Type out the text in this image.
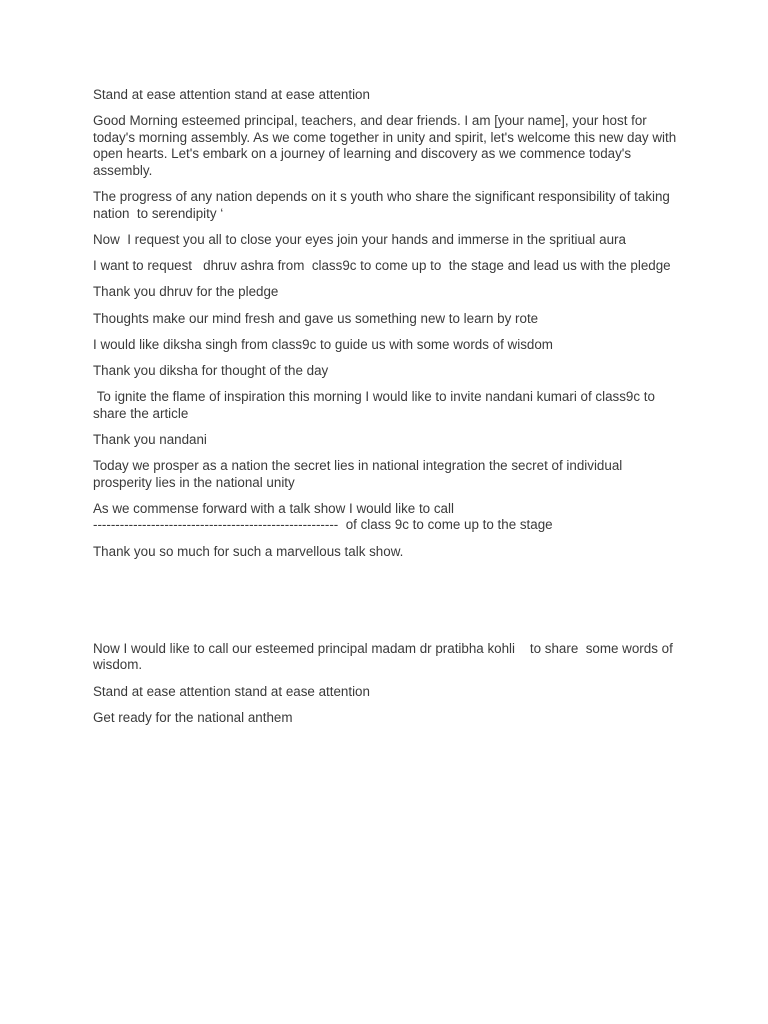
Stand at ease attention stand at ease attention

Good Morning esteemed principal, teachers, and dear friends. I am [your name], your host for today's morning assembly. As we come together in unity and spirit, let's welcome this new day with open hearts. Let's embark on a journey of learning and discovery as we commence today's assembly.

The progress of any nation depends on it s youth who share the significant responsibility of taking nation  to serendipity ‘

Now  I request you all to close your eyes join your hands and immerse in the spritiual aura

I want to request   dhruv ashra from  class9c to come up to  the stage and lead us with the pledge

Thank you dhruv for the pledge

Thoughts make our mind fresh and gave us something new to learn by rote

I would like diksha singh from class9c to guide us with some words of wisdom

Thank you diksha for thought of the day

To ignite the flame of inspiration this morning I would like to invite nandani kumari of class9c to share the article

Thank you nandani

Today we prosper as a nation the secret lies in national integration the secret of individual prosperity lies in the national unity

As we commense forward with a talk show I would like to call
-------------------------------------------------------  of class 9c to come up to the stage

Thank you so much for such a marvellous talk show.

Now I would like to call our esteemed principal madam dr pratibha kohli    to share  some words of wisdom.

Stand at ease attention stand at ease attention

Get ready for the national anthem
